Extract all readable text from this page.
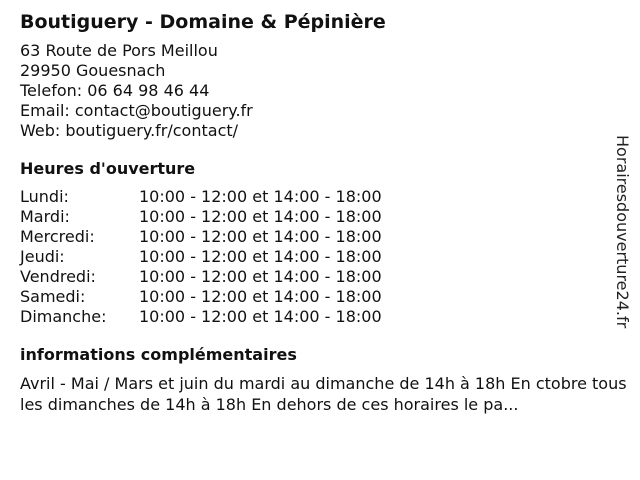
Boutiguery - Domaine & Pépinière
63 Route de Pors Meillou
29950 Gouesnach
Telefon: 06 64 98 46 44
Email: contact@boutiguery.fr
Web: boutiguery.fr/contact/
Heures d'ouverture
Lundi:	10:00 - 12:00 et 14:00 - 18:00
Mardi:	10:00 - 12:00 et 14:00 - 18:00
Mercredi:	10:00 - 12:00 et 14:00 - 18:00
Jeudi:	10:00 - 12:00 et 14:00 - 18:00
Vendredi:	10:00 - 12:00 et 14:00 - 18:00
Samedi:	10:00 - 12:00 et 14:00 - 18:00
Dimanche:	10:00 - 12:00 et 14:00 - 18:00
informations complémentaires
Avril - Mai / Mars et juin du mardi au dimanche de 14h à 18h En ctobre tous les dimanches de 14h à 18h En dehors de ces horaires le pa...
Horairesdouverture24.fr
